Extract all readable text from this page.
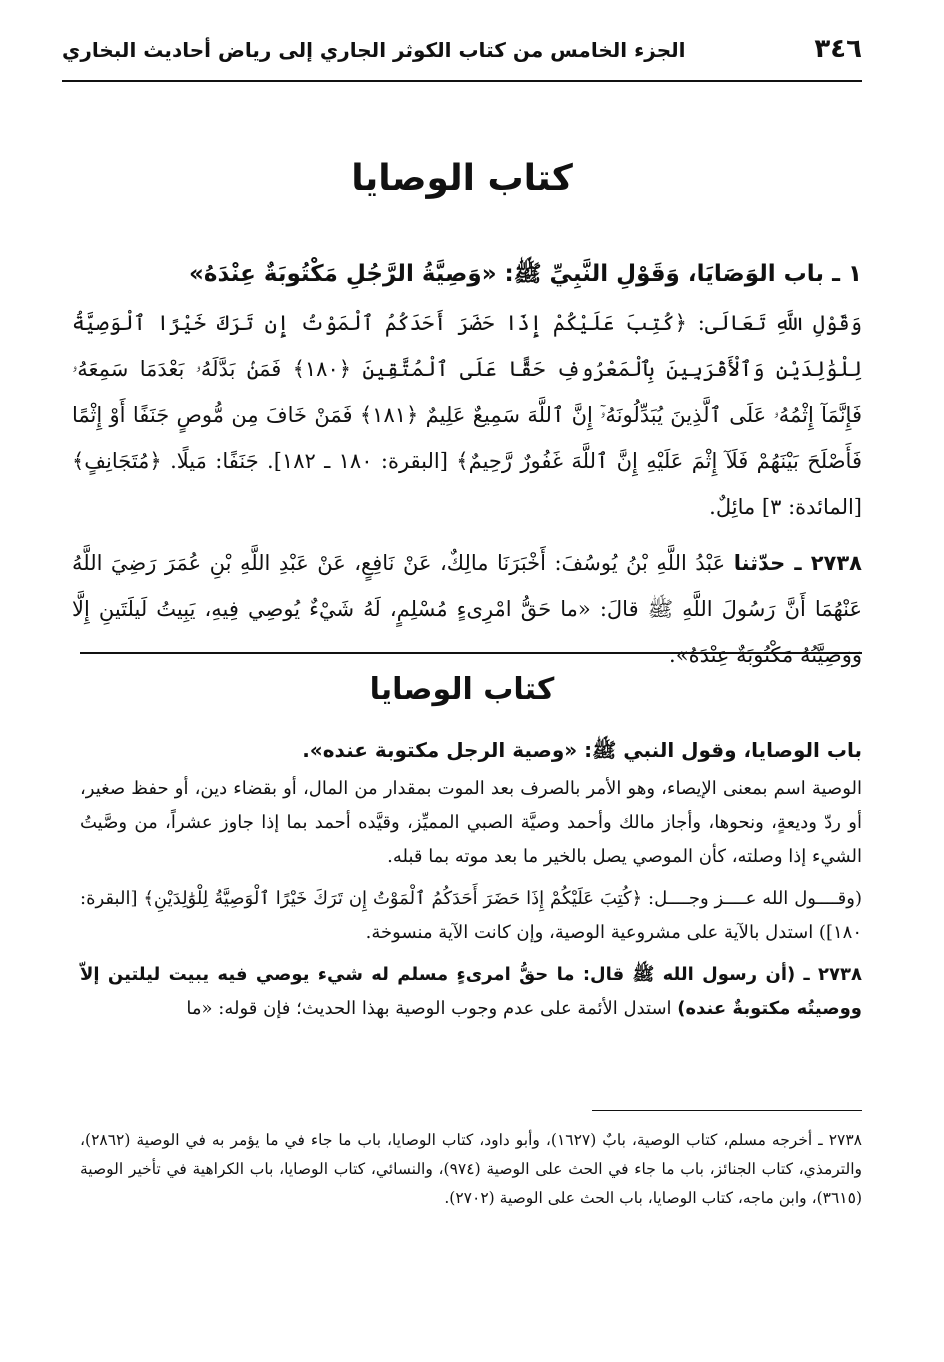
٣٤٦
الجزء الخامس من كتاب الكوثر الجاري إلى رياض أحاديث البخاري
كتاب الوصايا

١ ـ باب الوَصَايَا، وَقَوْلِ النَّبِيِّ ﷺ: «وَصِيَّةُ الرَّجُلِ مَكْتُوبَةٌ عِنْدَهُ»

وَقَوْلِ اللَّهِ تَعَالَى: ﴿كُتِبَ عَلَيْكُمْ إِذَا حَضَرَ أَحَدَكُمُ ٱلْمَوْتُ إِن تَرَكَ خَيْرًا ٱلْوَصِيَّةُ لِلْوَٰلِدَيْنِ وَٱلْأَقْرَبِينَ بِٱلْمَعْرُوفِ حَقًّا عَلَى ٱلْمُتَّقِينَ ﴿١٨٠﴾ فَمَنۢ بَدَّلَهُۥ بَعْدَمَا سَمِعَهُۥ فَإِنَّمَآ إِثْمُهُۥ عَلَى ٱلَّذِينَ يُبَدِّلُونَهُۥٓ إِنَّ ٱللَّهَ سَمِيعٌ عَلِيمٌ ﴿١٨١﴾ فَمَنْ خَافَ مِن مُّوصٍ جَنَفًا أَوْ إِثْمًا فَأَصْلَحَ بَيْنَهُمْ فَلَآ إِثْمَ عَلَيْهِ إِنَّ ٱللَّهَ غَفُورٌ رَّحِيمٌ﴾ [البقرة: ١٨٠ ـ ١٨٢]. جَنَفًا: مَيلًا. ﴿مُتَجَانِفٍ﴾ [المائدة: ٣] مائِلٌ.

٢٧٣٨ ـ حدّثنا عَبْدُ اللَّهِ بْنُ يُوسُفَ: أَخْبَرَنَا مالِكٌ، عَنْ نَافِعٍ، عَنْ عَبْدِ اللَّهِ بْنِ عُمَرَ رَضِيَ اللَّهُ عَنْهُمَا أَنَّ رَسُولَ اللَّهِ ﷺ قالَ: «ما حَقُّ امْرِىءٍ مُسْلِمٍ، لَهُ شَيْءٌ يُوصِي فِيهِ، يَبِيتُ لَيلَتَينِ إِلَّا وَوَصِيَّتُهُ مَكْتُوبَةٌ عِنْدَهُ».

كتاب الوصايا

باب الوصايا، وقول النبي ﷺ: «وصية الرجل مكتوبة عنده».

الوصية اسم بمعنى الإيصاء، وهو الأمر بالصرف بعد الموت بمقدار من المال، أو بقضاء دين، أو حفظ صغير، أو ردّ وديعةٍ، ونحوها، وأجاز مالك وأحمد وصيَّة الصبي المميِّز، وقيَّده أحمد بما إذا جاوز عشراً، من وصَّيتُ الشيء إذا وصلته، كأن الموصي يصل بالخير ما بعد موته بما قبله.

(وقــــول الله عــــز وجــــل: ﴿كُتِبَ عَلَيْكُمْ إِذَا حَضَرَ أَحَدَكُمُ ٱلْمَوْتُ إِن تَرَكَ خَيْرًا ٱلْوَصِيَّةُ لِلْوَٰلِدَيْنِ﴾ [البقرة: ١٨٠]) استدل بالآية على مشروعية الوصية، وإن كانت الآية منسوخة.

٢٧٣٨ ـ (أن رسول الله ﷺ قال: ما حقُّ امرىءٍ مسلم له شيء يوصي فيه يبيت ليلتين إلاّ ووصيتُه مكتوبةٌ عنده) استدل الأئمة على عدم وجوب الوصية بهذا الحديث؛ فإن قوله: «ما

٢٧٣٨ ـ أخرجه مسلم، كتاب الوصية، بابٌ (١٦٢٧)، وأبو داود، كتاب الوصايا، باب ما جاء في ما يؤمر به في الوصية (٢٨٦٢)، والترمذي، كتاب الجنائز، باب ما جاء في الحث على الوصية (٩٧٤)، والنسائي، كتاب الوصايا، باب الكراهية في تأخير الوصية (٣٦١٥)، وابن ماجه، كتاب الوصايا، باب الحث على الوصية (٢٧٠٢).
